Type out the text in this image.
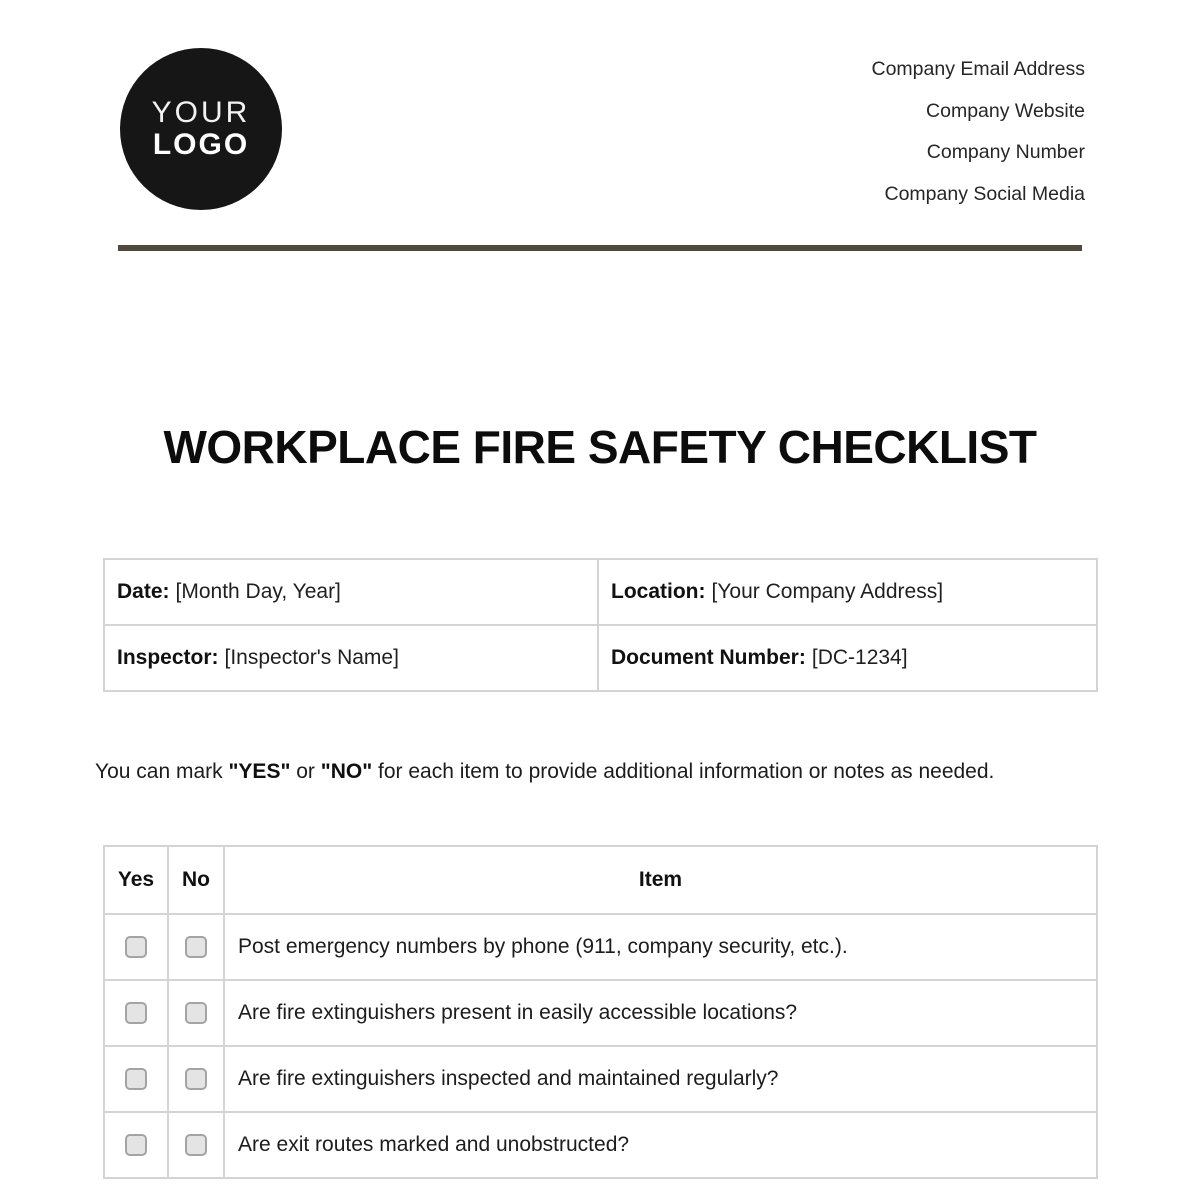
YOUR
LOGO
Company Email Address
Company Website
Company Number
Company Social Media
WORKPLACE FIRE SAFETY CHECKLIST
Date: [Month Day, Year]	Location: [Your Company Address]
Inspector: [Inspector's Name]	Document Number: [DC-1234]

You can mark "YES" or "NO" for each item to provide additional information or notes as needed.

Yes	No	Item
		Post emergency numbers by phone (911, company security, etc.).
		Are fire extinguishers present in easily accessible locations?
		Are fire extinguishers inspected and maintained regularly?
		Are exit routes marked and unobstructed?
